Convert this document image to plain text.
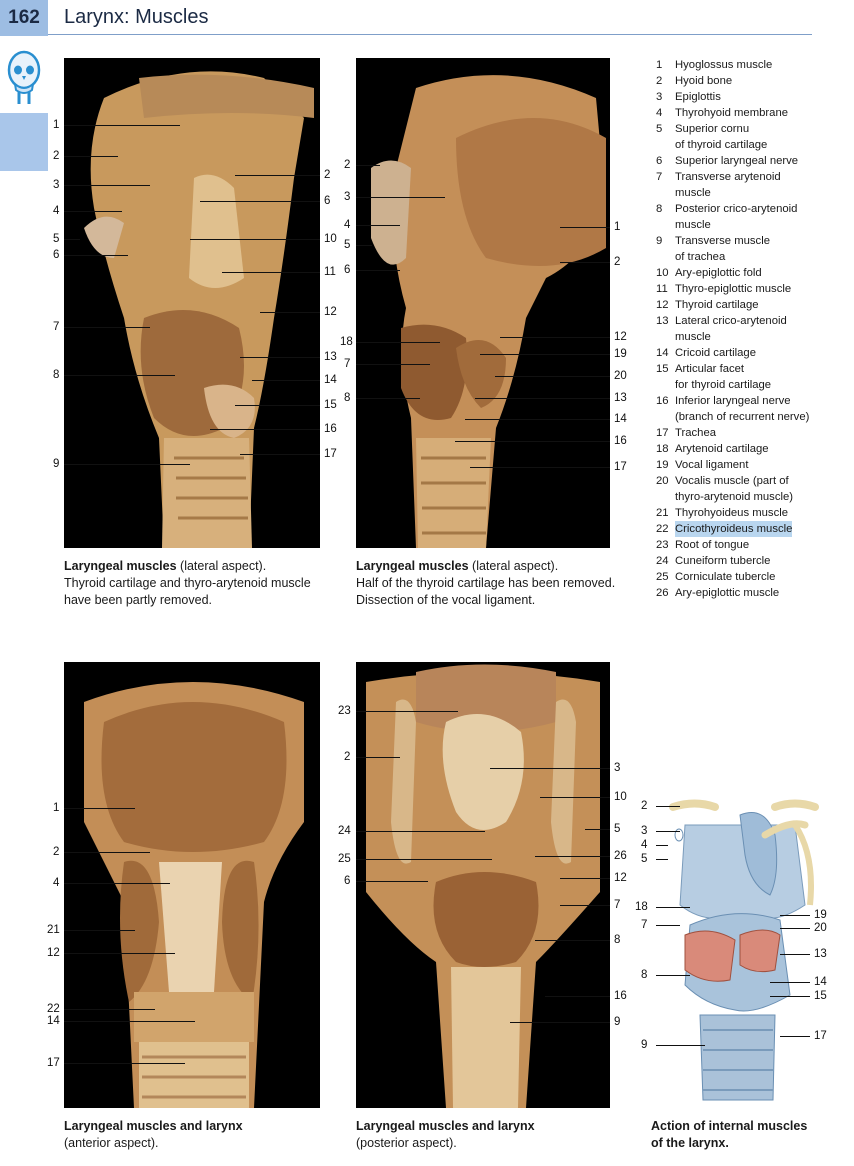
162	Larynx: Muscles
1
2
3
4
5
6
7
8
9
2
6
10
11
12
13
14
15
16
17
2
3
4
5
6
18
7
8
1
2
12
19
20
13
14
16
17
1
2
4
21
12
22
14
17
23
2
24
25
6
3
10
5
26
12
7
8
16
9
2
3
4
5
18
7
8
9
19
20
13
14
15
17
Laryngeal muscles (lateral aspect).
Thyroid cartilage and thyro-arytenoid muscle
have been partly removed.
Laryngeal muscles (lateral aspect).
Half of the thyroid cartilage has been removed.
Dissection of the vocal ligament.
Laryngeal muscles and larynx
(anterior aspect).
Laryngeal muscles and larynx
(posterior aspect).
Action of internal muscles
of the larynx.
1	Hyoglossus muscle
2	Hyoid bone
3	Epiglottis
4	Thyrohyoid membrane
5	Superior cornu
of thyroid cartilage
6	Superior laryngeal nerve
7	Transverse arytenoid
muscle
8	Posterior crico-arytenoid
muscle
9	Transverse muscle
of trachea
10 Ary-epiglottic fold
11 Thyro-epiglottic muscle
12 Thyroid cartilage
13 Lateral crico-arytenoid
muscle
14 Cricoid cartilage
15 Articular facet
for thyroid cartilage
16 Inferior laryngeal nerve
(branch of recurrent nerve)
17 Trachea
18 Arytenoid cartilage
19 Vocal ligament
20 Vocalis muscle (part of
thyro-arytenoid muscle)
21 Thyrohyoideus muscle
22 Cricothyroideus muscle
23 Root of tongue
24 Cuneiform tubercle
25 Corniculate tubercle
26 Ary-epiglottic muscle
